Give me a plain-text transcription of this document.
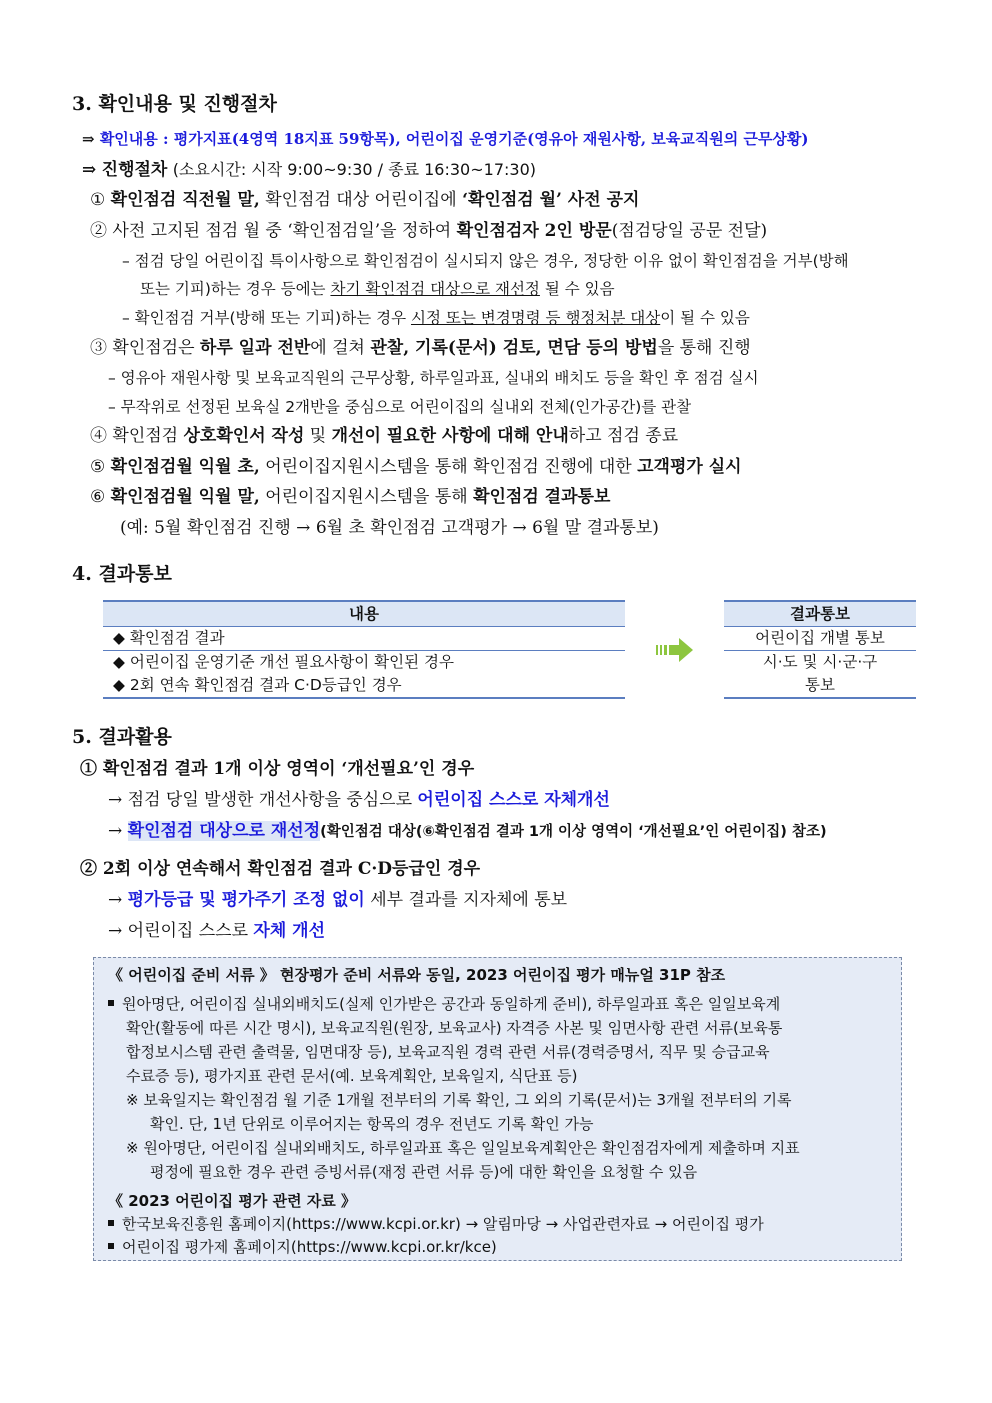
3. 확인내용 및 진행절차
⇒ 확인내용 : 평가지표(4영역 18지표 59항목), 어린이집 운영기준(영유아 재원사항, 보육교직원의 근무상황)
⇒ 진행절차 (소요시간: 시작 9:00~9:30 / 종료 16:30~17:30)
① 확인점검 직전월 말, 확인점검 대상 어린이집에 ‘확인점검 월’ 사전 공지
② 사전 고지된 점검 월 중 ‘확인점검일’을 정하여 확인점검자 2인 방문(점검당일 공문 전달)
– 점검 당일 어린이집 특이사항으로 확인점검이 실시되지 않은 경우, 정당한 이유 없이 확인점검을 거부(방해
또는 기피)하는 경우 등에는 차기 확인점검 대상으로 재선정 될 수 있음
– 확인점검 거부(방해 또는 기피)하는 경우 시정 또는 변경명령 등 행정처분 대상이 될 수 있음
③ 확인점검은 하루 일과 전반에 걸쳐 관찰, 기록(문서) 검토, 면담 등의 방법을 통해 진행
– 영유아 재원사항 및 보육교직원의 근무상황, 하루일과표, 실내외 배치도 등을 확인 후 점검 실시
– 무작위로 선정된 보육실 2개반을 중심으로 어린이집의 실내외 전체(인가공간)를 관찰
④ 확인점검 상호확인서 작성 및 개선이 필요한 사항에 대해 안내하고 점검 종료
⑤ 확인점검월 익월 초, 어린이집지원시스템을 통해 확인점검 진행에 대한 고객평가 실시
⑥ 확인점검월 익월 말, 어린이집지원시스템을 통해 확인점검 결과통보
(예: 5월 확인점검 진행 → 6월 초 확인점검 고객평가 → 6월 말 결과통보)
4. 결과통보
내용
◆ 확인점검 결과
◆ 어린이집 운영기준 개선 필요사항이 확인된 경우
◆ 2회 연속 확인점검 결과 C·D등급인 경우
결과통보
어린이집 개별 통보
시·도 및 시·군·구
통보
5. 결과활용
① 확인점검 결과 1개 이상 영역이 ‘개선필요’인 경우
→ 점검 당일 발생한 개선사항을 중심으로 어린이집 스스로 자체개선
→ 확인점검 대상으로 재선정(확인점검 대상(⑥확인점검 결과 1개 이상 영역이 ‘개선필요’인 어린이집) 참조)
② 2회 이상 연속해서 확인점검 결과 C·D등급인 경우
→ 평가등급 및 평가주기 조정 없이 세부 결과를 지자체에 통보
→ 어린이집 스스로 자체 개선
《 어린이집 준비 서류 》 현장평가 준비 서류와 동일, 2023 어린이집 평가 매뉴얼 31P 참조
원아명단, 어린이집 실내외배치도(실제 인가받은 공간과 동일하게 준비), 하루일과표 혹은 일일보육계
확안(활동에 따른 시간 명시), 보육교직원(원장, 보육교사) 자격증 사본 및 임면사항 관련 서류(보육통
합정보시스템 관련 출력물, 임면대장 등), 보육교직원 경력 관련 서류(경력증명서, 직무 및 승급교육
수료증 등), 평가지표 관련 문서(예. 보육계획안, 보육일지, 식단표 등)
※ 보육일지는 확인점검 월 기준 1개월 전부터의 기록 확인, 그 외의 기록(문서)는 3개월 전부터의 기록
확인. 단, 1년 단위로 이루어지는 항목의 경우 전년도 기록 확인 가능
※ 원아명단, 어린이집 실내외배치도, 하루일과표 혹은 일일보육계획안은 확인점검자에게 제출하며 지표
평정에 필요한 경우 관련 증빙서류(재정 관련 서류 등)에 대한 확인을 요청할 수 있음
《 2023 어린이집 평가 관련 자료 》
한국보육진흥원 홈페이지(https://www.kcpi.or.kr) → 알림마당 → 사업관련자료 → 어린이집 평가
어린이집 평가제 홈페이지(https://www.kcpi.or.kr/kce)
